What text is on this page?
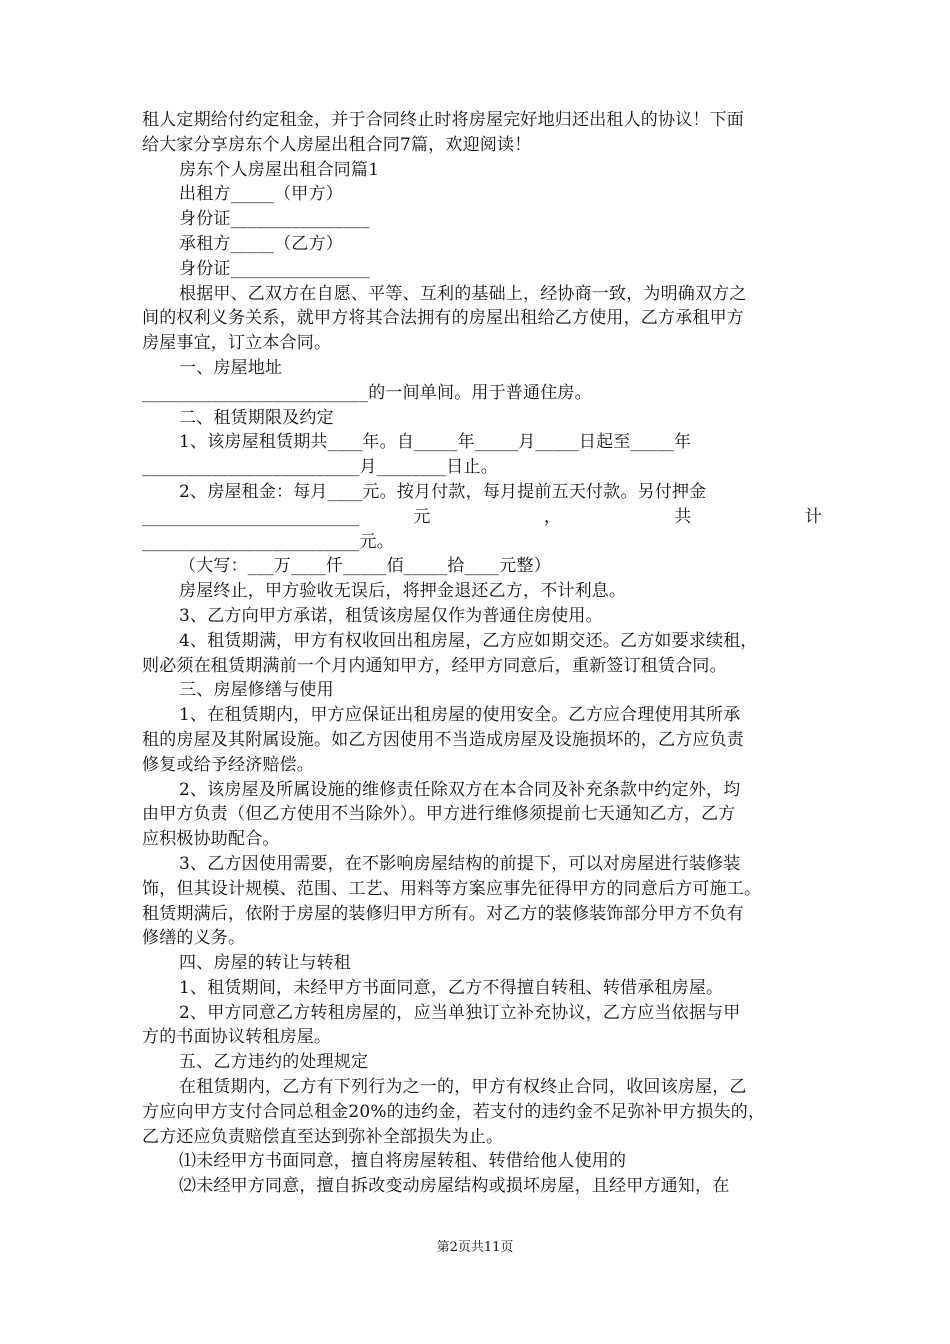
租人定期给付约定租金，并于合同终止时将房屋完好地归还出租人的协议！下面

给大家分享房东个人房屋出租合同7篇，欢迎阅读！

房东个人房屋出租合同篇1

出租方_____（甲方）

身份证________________

承租方_____（乙方）

身份证________________

根据甲、乙双方在自愿、平等、互利的基础上，经协商一致，为明确双方之

间的权利义务关系，就甲方将其合法拥有的房屋出租给乙方使用，乙方承租甲方

房屋事宜，订立本合同。

一、房屋地址

__________________________的一间单间。用于普通住房。

二、租赁期限及约定

1、该房屋租赁期共____年。自_____年_____月_____日起至_____年

_________________________月________日止。

2、房屋租金：每月____元。按月付款，每月提前五天付款。另付押金

_________________________元 ， 共 计

_________________________元。

（大写：___万____仟_____佰_____拾____元整）

房屋终止，甲方验收无误后，将押金退还乙方，不计利息。

3、乙方向甲方承诺，租赁该房屋仅作为普通住房使用。

4、租赁期满，甲方有权收回出租房屋，乙方应如期交还。乙方如要求续租，

则必须在租赁期满前一个月内通知甲方，经甲方同意后，重新签订租赁合同。

三、房屋修缮与使用

1、在租赁期内，甲方应保证出租房屋的使用安全。乙方应合理使用其所承

租的房屋及其附属设施。如乙方因使用不当造成房屋及设施损坏的，乙方应负责

修复或给予经济赔偿。

2、该房屋及所属设施的维修责任除双方在本合同及补充条款中约定外，均

由甲方负责（但乙方使用不当除外）。甲方进行维修须提前七天通知乙方，乙方

应积极协助配合。

3、乙方因使用需要，在不影响房屋结构的前提下，可以对房屋进行装修装

饰，但其设计规模、范围、工艺、用料等方案应事先征得甲方的同意后方可施工。

租赁期满后，依附于房屋的装修归甲方所有。对乙方的装修装饰部分甲方不负有

修缮的义务。

四、房屋的转让与转租

1、租赁期间，未经甲方书面同意，乙方不得擅自转租、转借承租房屋。

2、甲方同意乙方转租房屋的，应当单独订立补充协议，乙方应当依据与甲

方的书面协议转租房屋。

五、乙方违约的处理规定

在租赁期内，乙方有下列行为之一的，甲方有权终止合同，收回该房屋，乙

方应向甲方支付合同总租金20%的违约金，若支付的违约金不足弥补甲方损失的，

乙方还应负责赔偿直至达到弥补全部损失为止。

⑴未经甲方书面同意，擅自将房屋转租、转借给他人使用的

⑵未经甲方同意，擅自拆改变动房屋结构或损坏房屋，且经甲方通知，在

第2页共11页
